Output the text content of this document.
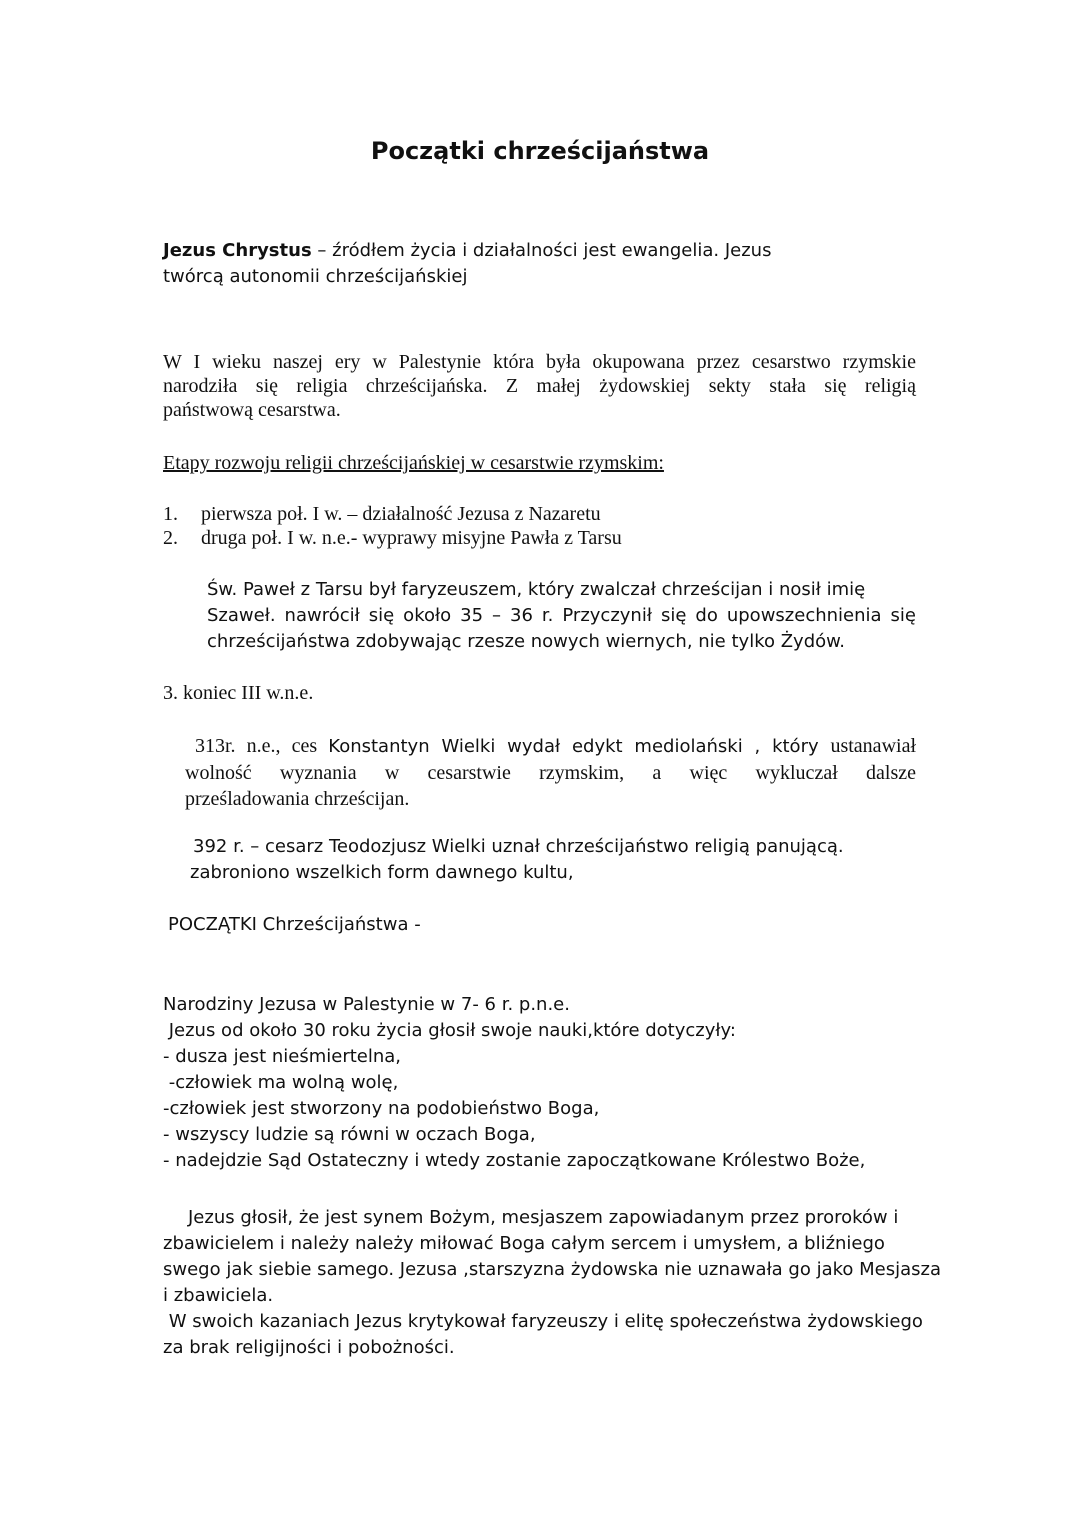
Początki chrześcijaństwa
Jezus Chrystus – źródłem życia i działalności jest ewangelia. Jezus
twórcą autonomii chrześcijańskiej
W I wieku naszej ery w Palestynie która była okupowana przez cesarstwo rzymskie
narodziła się religia chrześcijańska. Z małej żydowskiej sekty stała się religią
państwową cesarstwa.
Etapy rozwoju religii chrześcijańskiej w cesarstwie rzymskim:
1. pierwsza poł. I w. – działalność Jezusa z Nazaretu
2. druga poł. I w. n.e.- wyprawy misyjne Pawła z Tarsu
Św. Paweł z Tarsu był faryzeuszem, który zwalczał chrześcijan i nosił imię
Szaweł. nawrócił się około 35 – 36 r. Przyczynił się do upowszechnienia się
chrześcijaństwa zdobywając rzesze nowych wiernych, nie tylko Żydów.
3. koniec III w.n.e.
313r. n.e., ces Konstantyn Wielki wydał edykt mediolański , który ustanawiał
wolność wyznania w cesarstwie rzymskim, a więc wykluczał dalsze
prześladowania chrześcijan.
392 r. – cesarz Teodozjusz Wielki uznał chrześcijaństwo religią panującą.
zabroniono wszelkich form dawnego kultu,
POCZĄTKI Chrześcijaństwa -
Narodziny Jezusa w Palestynie w 7- 6 r. p.n.e.
Jezus od około 30 roku życia głosił swoje nauki,które dotyczyły:
- dusza jest nieśmiertelna,
-człowiek ma wolną wolę,
-człowiek jest stworzony na podobieństwo Boga,
- wszyscy ludzie są równi w oczach Boga,
- nadejdzie Sąd Ostateczny i wtedy zostanie zapoczątkowane Królestwo Boże,
Jezus głosił, że jest synem Bożym, mesjaszem zapowiadanym przez proroków i
zbawicielem i należy należy miłować Boga całym sercem i umysłem, a bliźniego
swego jak siebie samego. Jezusa ,starszyzna żydowska nie uznawała go jako Mesjasza
i zbawiciela.
W swoich kazaniach Jezus krytykował faryzeuszy i elitę społeczeństwa żydowskiego
za brak religijności i pobożności.
